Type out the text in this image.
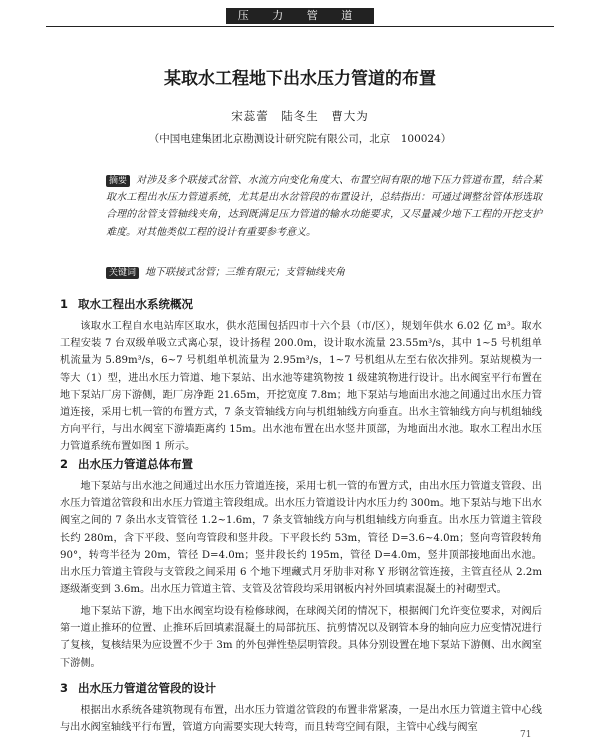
压 力 管 道
某取水工程地下出水压力管道的布置
宋蕊蕾　陆冬生　曹大为
（中国电建集团北京勘测设计研究院有限公司，北京　100024）
摘要 对涉及多个联接式岔管、水流方向变化角度大、布置空间有限的地下压力管道布置，结合某取水工程出水压力管道系统，尤其是出水岔管段的布置设计，总结指出：可通过调整岔管体形选取合理的岔管支管轴线夹角，达到既满足压力管道的输水功能要求，又尽量减少地下工程的开挖支护难度。对其他类似工程的设计有重要参考意义。
关键词 地下联接式岔管；三维有限元；支管轴线夹角
1 取水工程出水系统概况
该取水工程自水电站库区取水，供水范围包括四市十六个县（市/区），规划年供水 6.02 亿 m³。取水工程安装 7 台双级单吸立式离心泵，设计扬程 200.0m，设计取水流量 23.55m³/s，其中 1~5 号机组单机流量为 5.89m³/s，6~7 号机组单机流量为 2.95m³/s，1~7 号机组从左至右依次排列。泵站规模为一等大（1）型，进出水压力管道、地下泵站、出水池等建筑物按 1 级建筑物进行设计。出水阀室平行布置在地下泵站厂房下游侧，距厂房净距 21.65m，开挖宽度 7.8m；地下泵站与地面出水池之间通过出水压力管道连接，采用七机一管的布置方式，7 条支管轴线方向与机组轴线方向垂直。出水主管轴线方向与机组轴线方向平行，与出水阀室下游墙距离约 15m。出水池布置在出水竖井顶部，为地面出水池。取水工程出水压力管道系统布置如图 1 所示。
2 出水压力管道总体布置
地下泵站与出水池之间通过出水压力管道连接，采用七机一管的布置方式，由出水压力管道支管段、出水压力管道岔管段和出水压力管道主管段组成。出水压力管道设计内水压力约 300m。地下泵站与地下出水阀室之间的 7 条出水支管管径 1.2~1.6m，7 条支管轴线方向与机组轴线方向垂直。出水压力管道主管段长约 280m，含下平段、竖向弯管段和竖井段。下平段长约 53m，管径 D=3.6~4.0m；竖向弯管段转角 90°，转弯半径为 20m，管径 D=4.0m；竖井段长约 195m，管径 D=4.0m，竖井顶部接地面出水池。出水压力管道主管段与支管段之间采用 6 个地下埋藏式月牙肋非对称 Y 形钢岔管连接，主管直径从 2.2m 逐级渐变到 3.6m。出水压力管道主管、支管及岔管段均采用钢板内衬外回填素混凝土的衬砌型式。
地下泵站下游，地下出水阀室均设有检修球阀，在球阀关闭的情况下，根据阀门允许变位要求，对阀后第一道止推环的位置、止推环后回填素混凝土的局部抗压、抗剪情况以及钢管本身的轴向应力应变情况进行了复核，复核结果为应设置不少于 3m 的外包弹性垫层明管段。具体分别设置在地下泵站下游侧、出水阀室下游侧。
3 出水压力管道岔管段的设计
根据出水系统各建筑物现有布置，出水压力管道岔管段的布置非常紧凑，一是出水压力管道主管中心线与出水阀室轴线平行布置，管道方向需要实现大转弯，而且转弯空间有限，主管中心线与阀室
71
